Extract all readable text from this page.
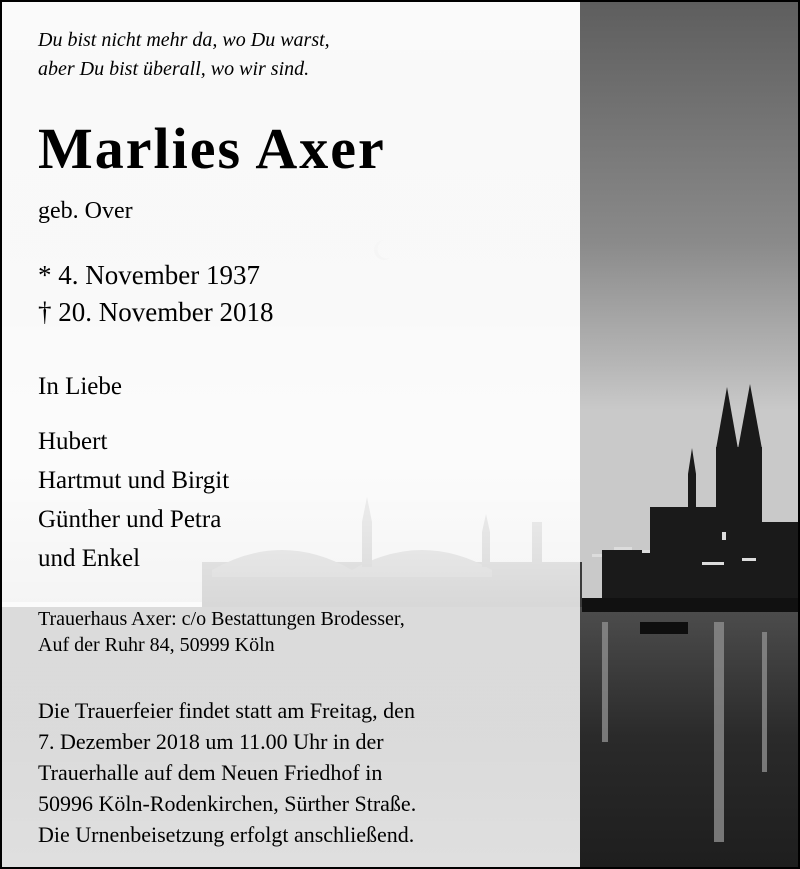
Du bist nicht mehr da, wo Du warst,
aber Du bist überall, wo wir sind.
Marlies Axer
geb. Over
* 4. November 1937
† 20. November 2018
In Liebe
Hubert
Hartmut und Birgit
Günther und Petra
und Enkel
Trauerhaus Axer: c/o Bestattungen Brodesser,
Auf der Ruhr 84, 50999 Köln
Die Trauerfeier findet statt am Freitag, den
7. Dezember 2018 um 11.00 Uhr in der
Trauerhalle auf dem Neuen Friedhof in
50996 Köln-Rodenkirchen, Sürther Straße.
Die Urnenbeisetzung erfolgt anschließend.
